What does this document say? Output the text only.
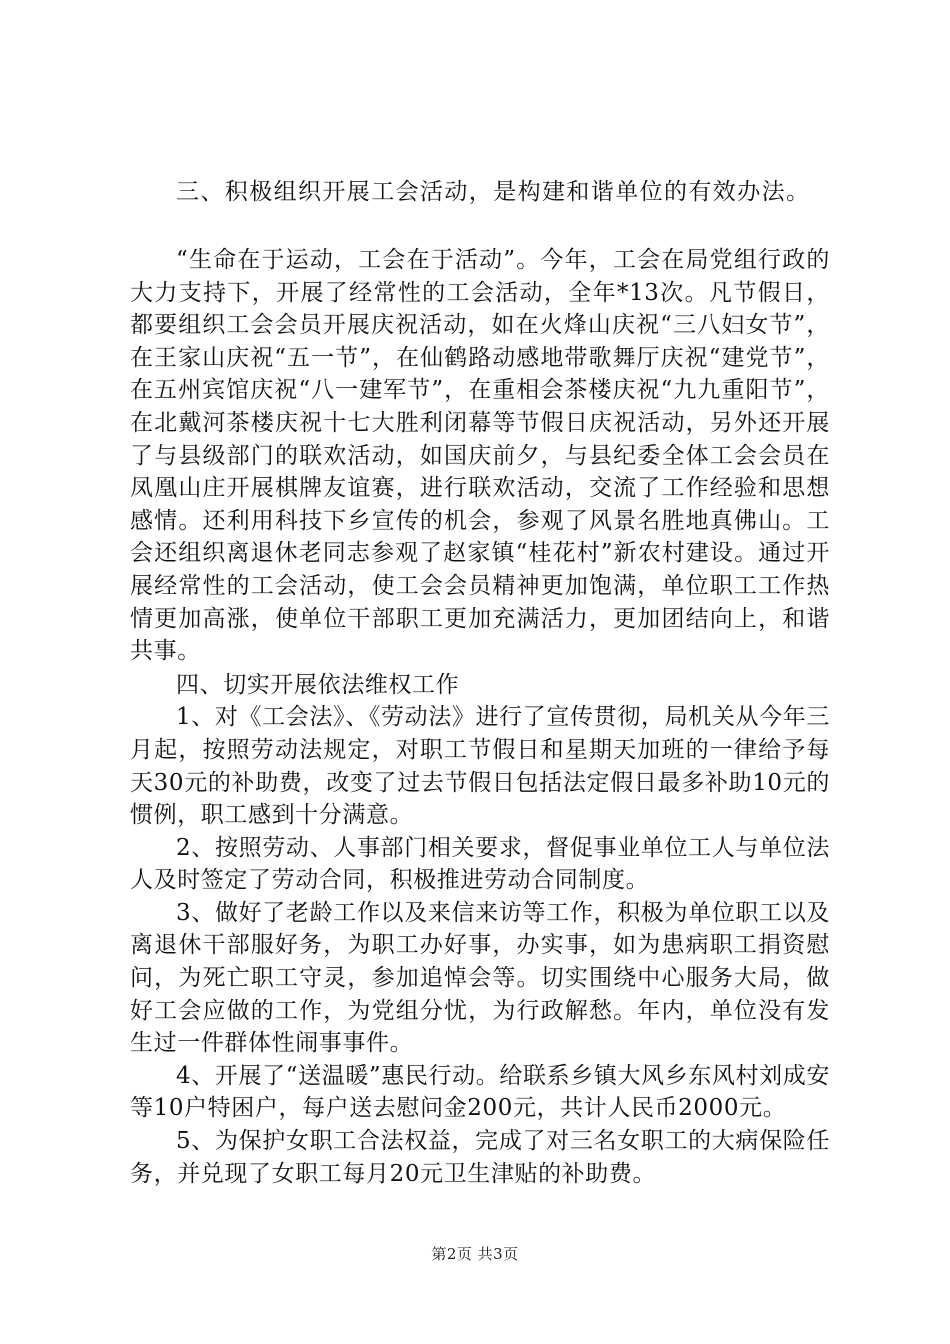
三、积极组织开展工会活动，是构建和谐单位的有效办法。

“生命在于运动，工会在于活动”。今年，工会在局党组行政的大力支持下，开展了经常性的工会活动，全年*13次。凡节假日，都要组织工会会员开展庆祝活动，如在火烽山庆祝“三八妇女节”，在王家山庆祝“五一节”，在仙鹤路动感地带歌舞厅庆祝“建党节”，在五州宾馆庆祝“八一建军节”，在重相会茶楼庆祝“九九重阳节”，在北戴河茶楼庆祝十七大胜利闭幕等节假日庆祝活动，另外还开展了与县级部门的联欢活动，如国庆前夕，与县纪委全体工会会员在凤凰山庄开展棋牌友谊赛，进行联欢活动，交流了工作经验和思想感情。还利用科技下乡宣传的机会，参观了风景名胜地真佛山。工会还组织离退休老同志参观了赵家镇“桂花村”新农村建设。通过开展经常性的工会活动，使工会会员精神更加饱满，单位职工工作热情更加高涨，使单位干部职工更加充满活力，更加团结向上，和谐共事。

四、切实开展依法维权工作

1、对《工会法》、《劳动法》进行了宣传贯彻，局机关从今年三月起，按照劳动法规定，对职工节假日和星期天加班的一律给予每天30元的补助费，改变了过去节假日包括法定假日最多补助10元的惯例，职工感到十分满意。

2、按照劳动、人事部门相关要求，督促事业单位工人与单位法人及时签定了劳动合同，积极推进劳动合同制度。

3、做好了老龄工作以及来信来访等工作，积极为单位职工以及离退休干部服好务，为职工办好事，办实事，如为患病职工捐资慰问，为死亡职工守灵，参加追悼会等。切实围绕中心服务大局，做好工会应做的工作，为党组分忧，为行政解愁。年内，单位没有发生过一件群体性闹事事件。

4、开展了“送温暖”惠民行动。给联系乡镇大风乡东风村刘成安等10户特困户，每户送去慰问金200元，共计人民币2000元。

5、为保护女职工合法权益，完成了对三名女职工的大病保险任务，并兑现了女职工每月20元卫生津贴的补助费。

第2页 共3页
